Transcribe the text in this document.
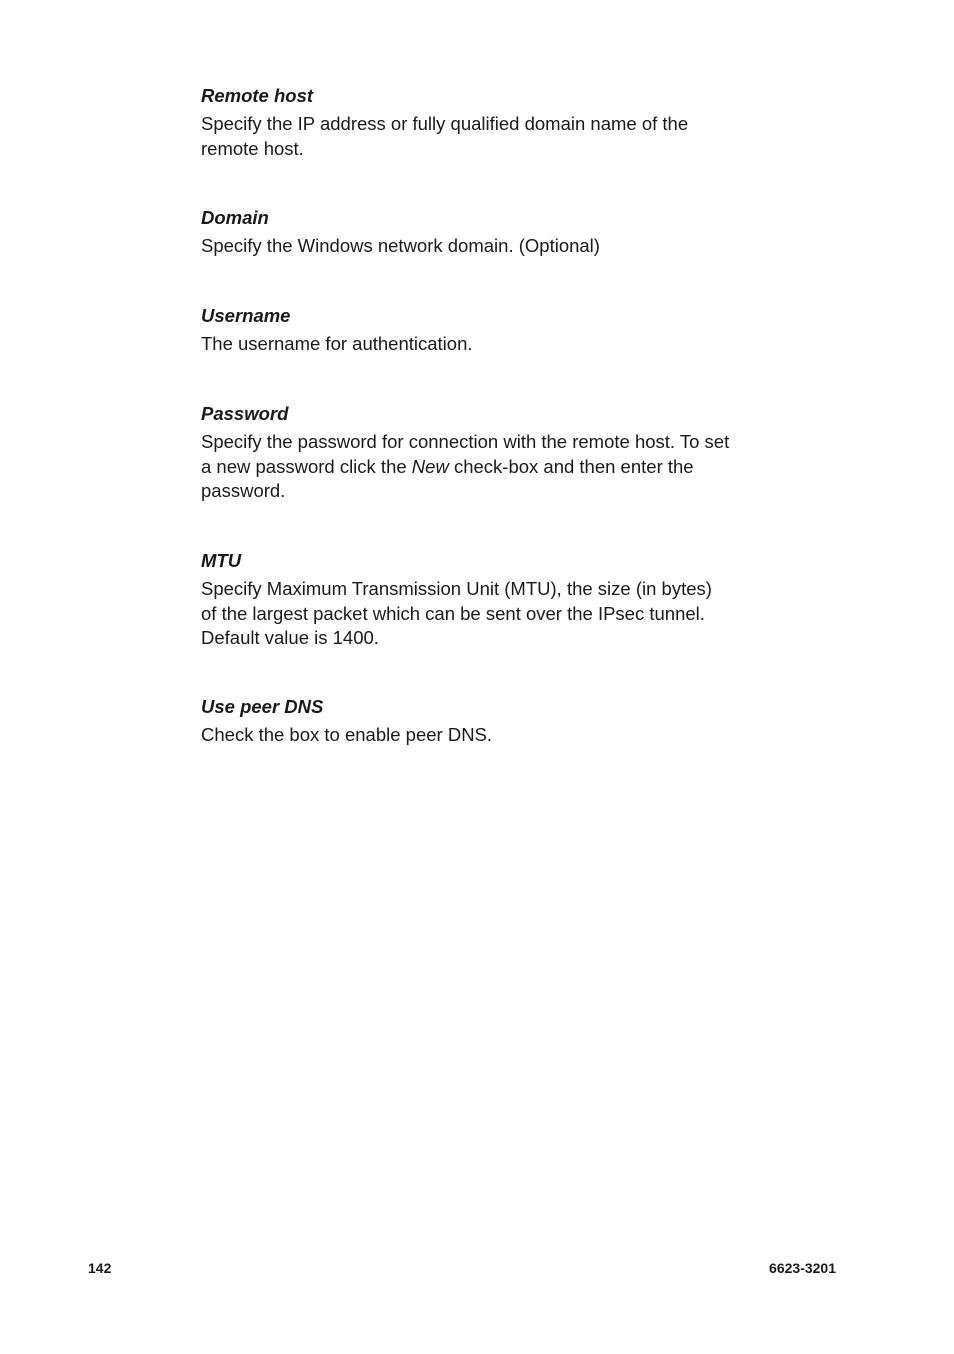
Remote host

Specify the IP address or fully qualified domain name of the remote host.

Domain

Specify the Windows network domain. (Optional)

Username

The username for authentication.

Password

Specify the password for connection with the remote host. To set a new password click the New check-box and then enter the password.

MTU

Specify Maximum Transmission Unit (MTU), the size (in bytes) of the largest packet which can be sent over the IPsec tunnel. Default value is 1400.

Use peer DNS

Check the box to enable peer DNS.

142	6623-3201
